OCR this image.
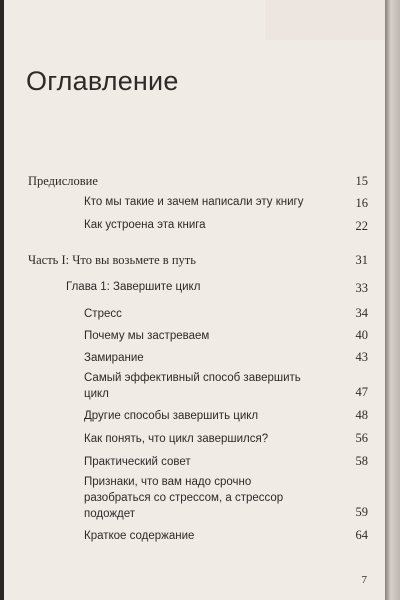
Оглавление
Предисловие	15
Кто мы такие и зачем написали эту книгу	16
Как устроена эта книга	22
Часть I: Что вы возьмете в путь	31
Глава 1: Завершите цикл	33
Стресс	34
Почему мы застреваем	40
Замирание	43
Самый эффективный способ завершить цикл	47
Другие способы завершить цикл	48
Как понять, что цикл завершился?	56
Практический совет	58
Признаки, что вам надо срочно разобраться со стрессом, а стрессор подождет	59
Краткое содержание	64
7
